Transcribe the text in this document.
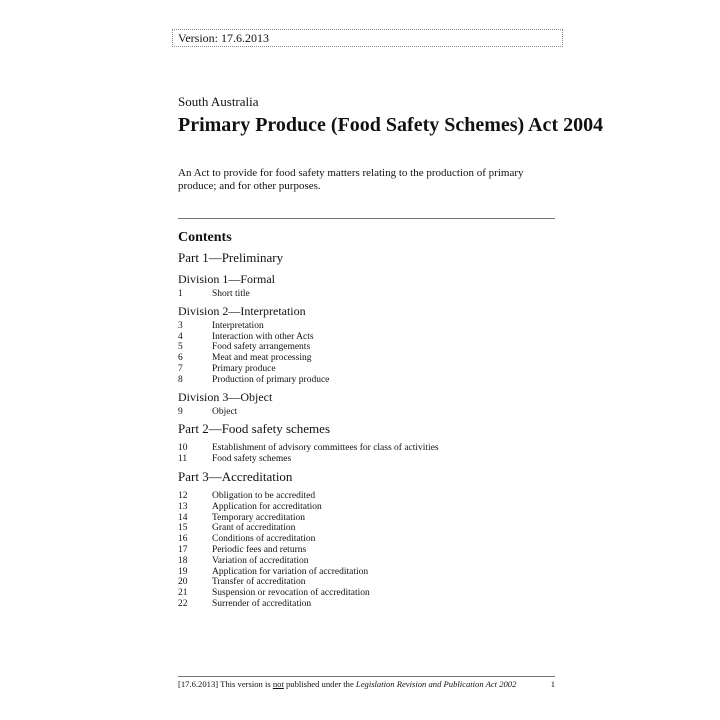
Version: 17.6.2013
South Australia
Primary Produce (Food Safety Schemes) Act 2004
An Act to provide for food safety matters relating to the production of primary produce; and for other purposes.
Contents
Part 1—Preliminary
Division 1—Formal
1	Short title
Division 2—Interpretation
3	Interpretation
4	Interaction with other Acts
5	Food safety arrangements
6	Meat and meat processing
7	Primary produce
8	Production of primary produce
Division 3—Object
9	Object
Part 2—Food safety schemes
10	Establishment of advisory committees for class of activities
11	Food safety schemes
Part 3—Accreditation
12	Obligation to be accredited
13	Application for accreditation
14	Temporary accreditation
15	Grant of accreditation
16	Conditions of accreditation
17	Periodic fees and returns
18	Variation of accreditation
19	Application for variation of accreditation
20	Transfer of accreditation
21	Suspension or revocation of accreditation
22	Surrender of accreditation
[17.6.2013] This version is not published under the Legislation Revision and Publication Act 2002	1
